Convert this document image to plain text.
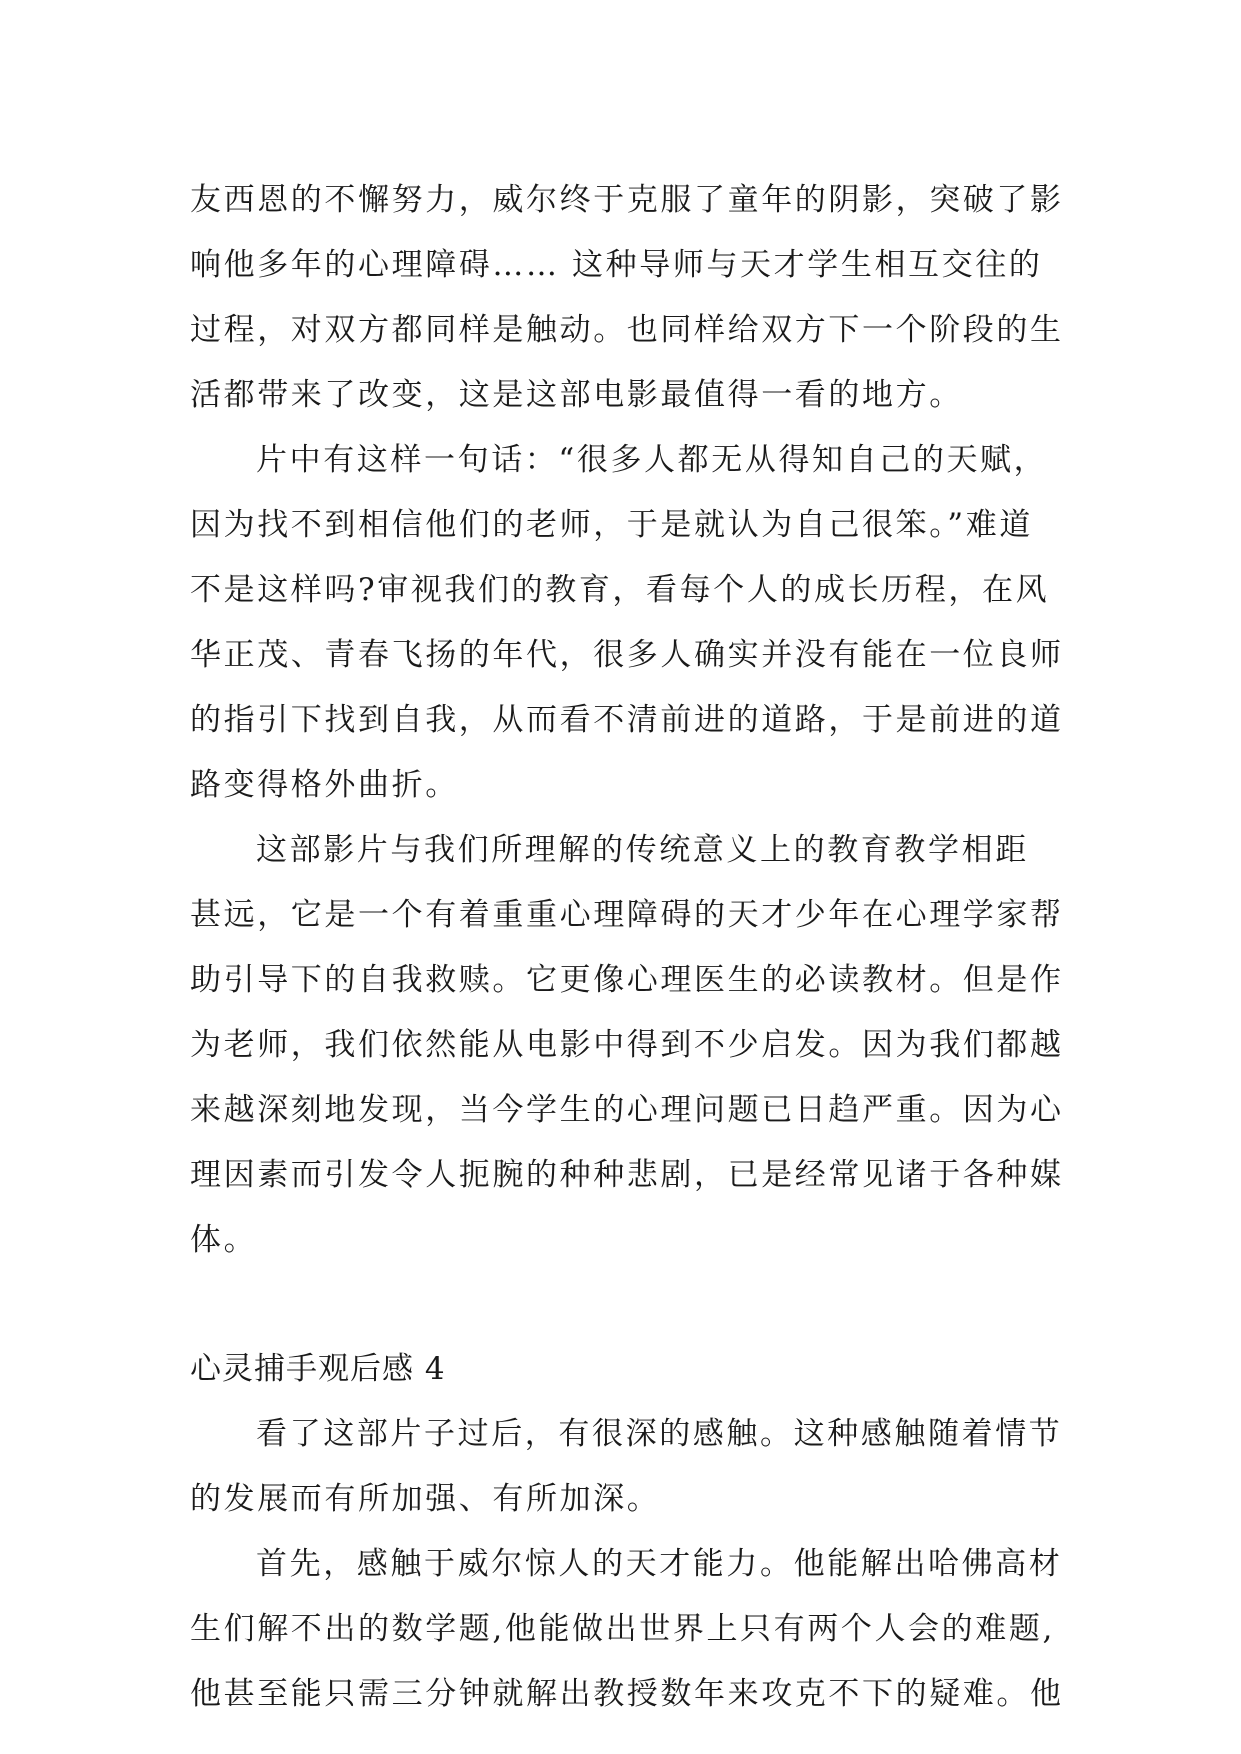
友西恩的不懈努力，威尔终于克服了童年的阴影，突破了影
响他多年的心理障碍…… 这种导师与天才学生相互交往的
过程，对双方都同样是触动。也同样给双方下一个阶段的生
活都带来了改变，这是这部电影最值得一看的地方。

片中有这样一句话：“很多人都无从得知自己的天赋，
因为找不到相信他们的老师，于是就认为自己很笨。”难道
不是这样吗?审视我们的教育，看每个人的成长历程，在风
华正茂、青春飞扬的年代，很多人确实并没有能在一位良师
的指引下找到自我，从而看不清前进的道路，于是前进的道
路变得格外曲折。

这部影片与我们所理解的传统意义上的教育教学相距
甚远，它是一个有着重重心理障碍的天才少年在心理学家帮
助引导下的自我救赎。它更像心理医生的必读教材。但是作
为老师，我们依然能从电影中得到不少启发。因为我们都越
来越深刻地发现，当今学生的心理问题已日趋严重。因为心
理因素而引发令人扼腕的种种悲剧，已是经常见诸于各种媒
体。

心灵捕手观后感 4

看了这部片子过后，有很深的感触。这种感触随着情节
的发展而有所加强、有所加深。

首先，感触于威尔惊人的天才能力。他能解出哈佛高材
生们解不出的数学题,他能做出世界上只有两个人会的难题,
他甚至能只需三分钟就解出教授数年来攻克不下的疑难。他
